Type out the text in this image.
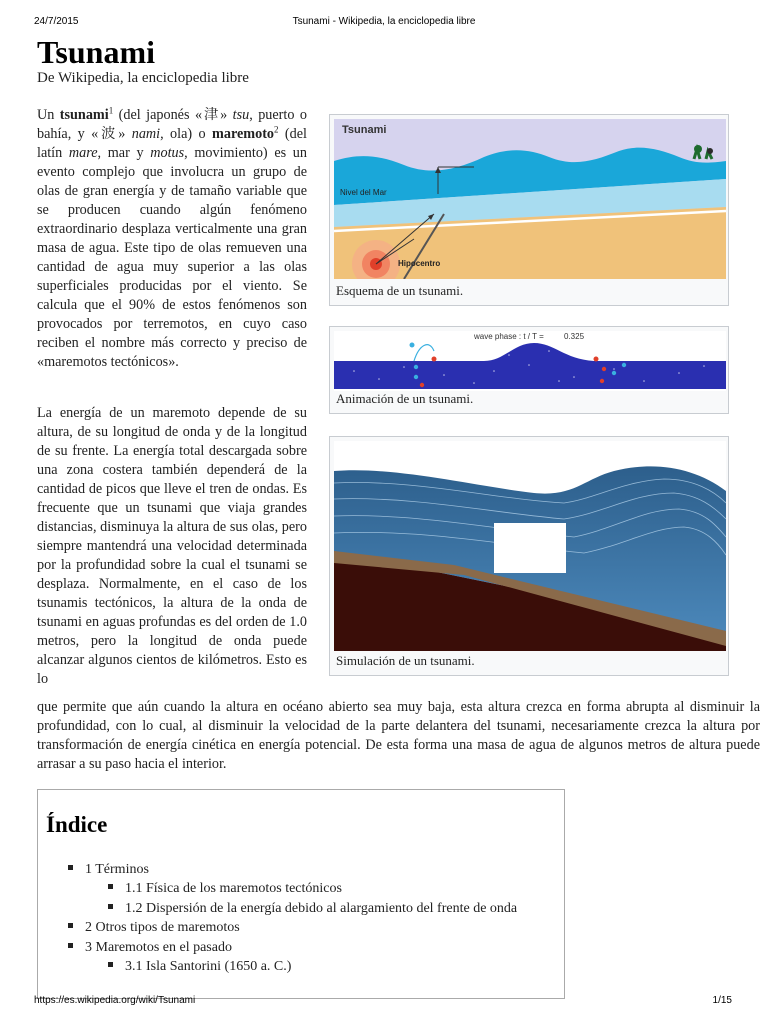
24/7/2015	Tsunami - Wikipedia, la enciclopedia libre
Tsunami
De Wikipedia, la enciclopedia libre

Un tsunami$^1$ (del japonés «津» tsu, puerto o bahía, y «波» nami, ola) o maremoto$^2$ (del latín mare, mar y motus, movimiento) es un evento complejo que involucra un grupo de olas de gran energía y de tamaño variable que se producen cuando algún fenómeno extraordinario desplaza verticalmente una gran masa de agua. Este tipo de olas remueven una cantidad de agua muy superior a las olas superficiales producidas por el viento. Se calcula que el 90% de estos fenómenos son provocados por terremotos, en cuyo caso reciben el nombre más correcto y preciso de «maremotos tectónicos».

La energía de un maremoto depende de su altura, de su longitud de onda y de la longitud de su frente. La energía total descargada sobre una zona costera también dependerá de la cantidad de picos que lleve el tren de ondas. Es frecuente que un tsunami que viaja grandes distancias, disminuya la altura de sus olas, pero siempre mantendrá una velocidad determinada por la profundidad sobre la cual el tsunami se desplaza. Normalmente, en el caso de los tsunamis tectónicos, la altura de la onda de tsunami en aguas profundas es del orden de 1.0 metros, pero la longitud de onda puede alcanzar algunos cientos de kilómetros. Esto es lo

que permite que aún cuando la altura en océano abierto sea muy baja, esta altura crezca en forma abrupta al disminuir la profundidad, con lo cual, al disminuir la velocidad de la parte delantera del tsunami, necesariamente crezca la altura por transformación de energía cinética en energía potencial. De esta forma una masa de agua de algunos metros de altura puede arrasar a su paso hacia el interior.

Tsunami
Nivel del Mar
Hipocentro
Esquema de un tsunami.
wave phase : t / T =	0.325
Animación de un tsunami.
Simulación de un tsunami.
Índice
1 Términos
1.1 Física de los maremotos tectónicos
1.2 Dispersión de la energía debido al alargamiento del frente de onda
2 Otros tipos de maremotos
3 Maremotos en el pasado
3.1 Isla Santorini (1650 a. C.)
https://es.wikipedia.org/wiki/Tsunami	1/15
